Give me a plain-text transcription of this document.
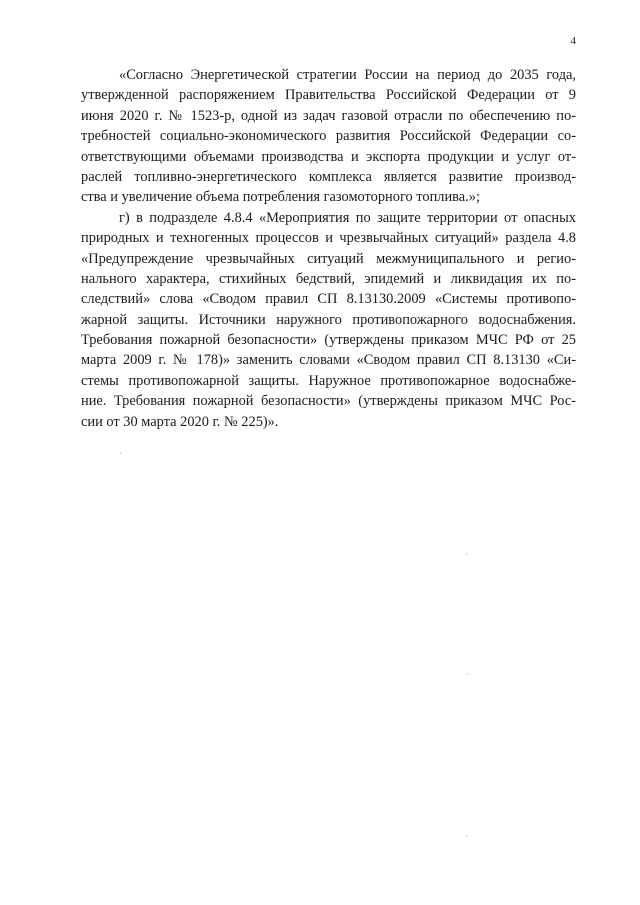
4
«Согласно Энергетической стратегии России на период до 2035 года,
утвержденной распоряжением Правительства Российской Федерации от 9
июня 2020 г. № 1523-р, одной из задач газовой отрасли по обеспечению по-
требностей социально-экономического развития Российской Федерации со-
ответствующими объемами производства и экспорта продукции и услуг от-
раслей топливно-энергетического комплекса является развитие производ-
ства и увеличение объема потребления газомоторного топлива.»;
г) в подразделе 4.8.4 «Мероприятия по защите территории от опасных
природных и техногенных процессов и чрезвычайных ситуаций» раздела 4.8
«Предупреждение чрезвычайных ситуаций межмуниципального и регио-
нального характера, стихийных бедствий, эпидемий и ликвидация их по-
следствий» слова «Сводом правил СП 8.13130.2009 «Системы противопо-
жарной защиты. Источники наружного противопожарного водоснабжения.
Требования пожарной безопасности» (утверждены приказом МЧС РФ от 25
марта 2009 г. № 178)» заменить словами «Сводом правил СП 8.13130 «Си-
стемы противопожарной защиты. Наружное противопожарное водоснабже-
ние. Требования пожарной безопасности» (утверждены приказом МЧС Рос-
сии от 30 марта 2020 г. № 225)».
